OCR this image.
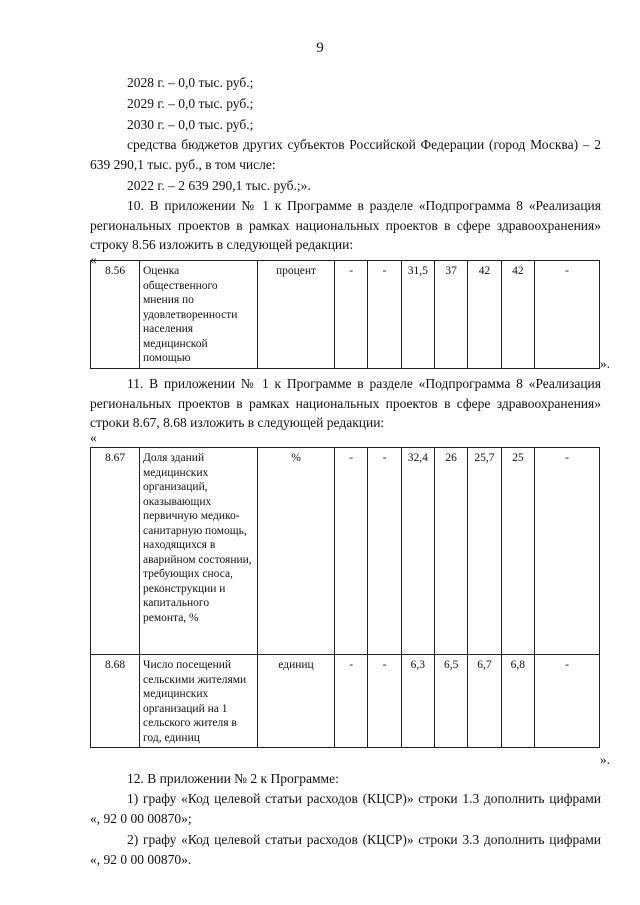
9
2028 г. – 0,0 тыс. руб.;
2029 г. – 0,0 тыс. руб.;
2030 г. – 0,0 тыс. руб.;
средства бюджетов других субъектов Российской Федерации (город Москва) – 2 639 290,1 тыс. руб., в том числе:
2022 г. – 2 639 290,1 тыс. руб.;».
10. В приложении № 1 к Программе в разделе «Подпрограмма 8 «Реализация региональных проектов в рамках национальных проектов в сфере здравоохранения» строку 8.56 изложить в следующей редакции:
«
8.56	Оценка общественного мнения по удовлетворенности населения медицинской помощью	процент	-	-	31,5	37	42	42	-
».
11. В приложении № 1 к Программе в разделе «Подпрограмма 8 «Реализация региональных проектов в рамках национальных проектов в сфере здравоохранения» строки 8.67, 8.68 изложить в следующей редакции:
«
8.67	Доля зданий медицинских организаций, оказывающих первичную медико-санитарную помощь, находящихся в аварийном состоянии, требующих сноса, реконструкции и капитального ремонта, %	%	-	-	32,4	26	25,7	25	-
8.68	Число посещений сельскими жителями медицинских организаций на 1 сельского жителя в год, единиц	единиц	-	-	6,3	6,5	6,7	6,8	-
».
12. В приложении № 2 к Программе:
1) графу «Код целевой статьи расходов (КЦСР)» строки 1.3 дополнить цифрами «, 92 0 00 00870»;
2) графу «Код целевой статьи расходов (КЦСР)» строки 3.3 дополнить цифрами «, 92 0 00 00870».
